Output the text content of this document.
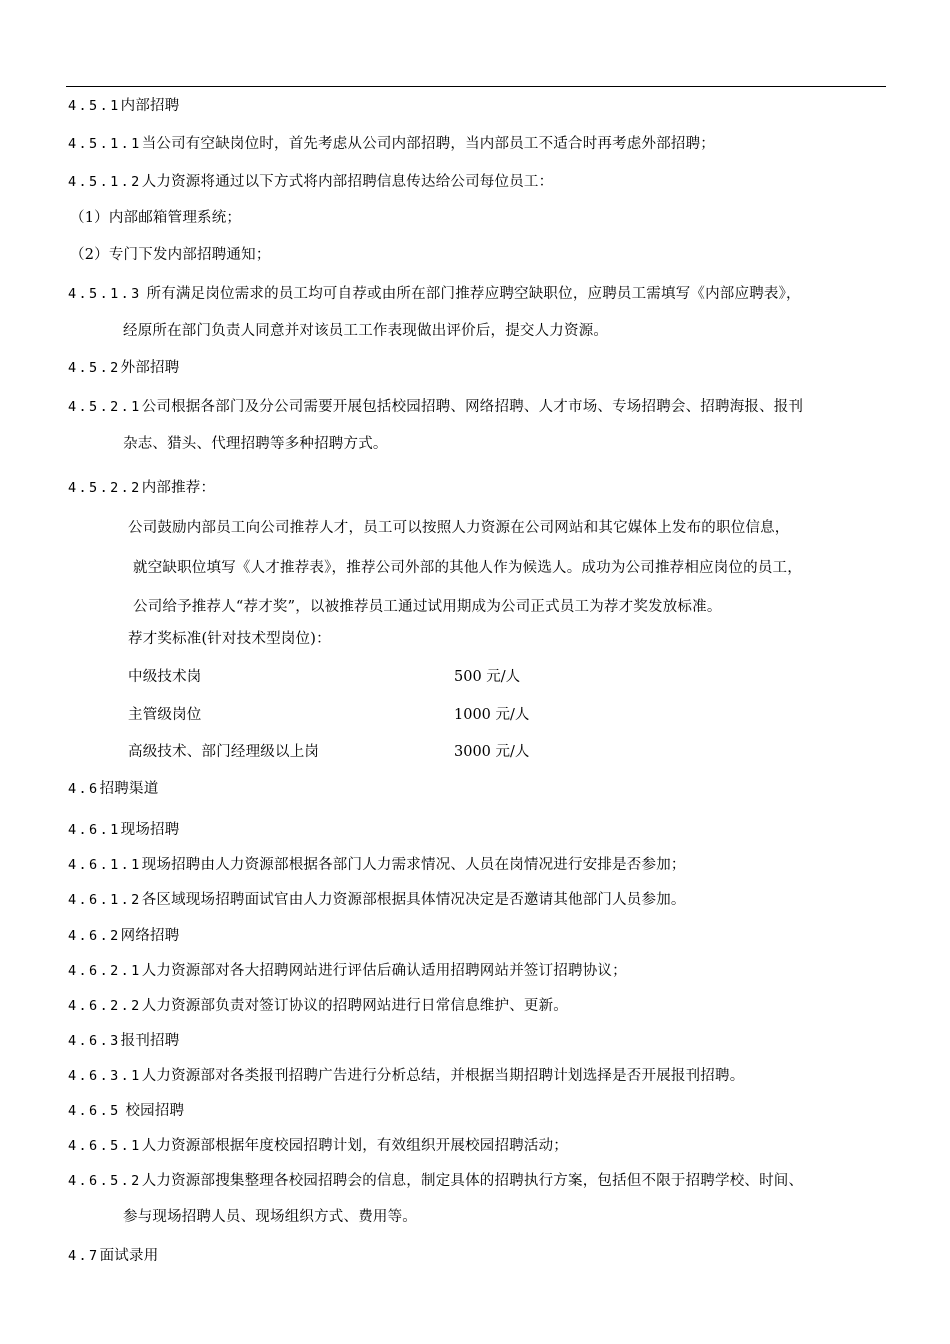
4.5.1内部招聘
4.5.1.1当公司有空缺岗位时，首先考虑从公司内部招聘，当内部员工不适合时再考虑外部招聘；
4.5.1.2人力资源将通过以下方式将内部招聘信息传达给公司每位员工：
（1）内部邮箱管理系统；
（2）专门下发内部招聘通知；
4.5.1.3 所有满足岗位需求的员工均可自荐或由所在部门推荐应聘空缺职位，应聘员工需填写《内部应聘表》，
经原所在部门负责人同意并对该员工工作表现做出评价后，提交人力资源。
4.5.2外部招聘
4.5.2.1公司根据各部门及分公司需要开展包括校园招聘、网络招聘、人才市场、专场招聘会、招聘海报、报刊
杂志、猎头、代理招聘等多种招聘方式。
4.5.2.2内部推荐：
公司鼓励内部员工向公司推荐人才，员工可以按照人力资源在公司网站和其它媒体上发布的职位信息，
就空缺职位填写《人才推荐表》，推荐公司外部的其他人作为候选人。成功为公司推荐相应岗位的员工，
公司给予推荐人“荐才奖”，以被推荐员工通过试用期成为公司正式员工为荐才奖发放标准。
荐才奖标准(针对技术型岗位)：
中级技术岗	500 元/人
主管级岗位	1000 元/人
高级技术、部门经理级以上岗	3000 元/人
4.6招聘渠道
4.6.1现场招聘
4.6.1.1现场招聘由人力资源部根据各部门人力需求情况、人员在岗情况进行安排是否参加；
4.6.1.2各区域现场招聘面试官由人力资源部根据具体情况决定是否邀请其他部门人员参加。
4.6.2网络招聘
4.6.2.1人力资源部对各大招聘网站进行评估后确认适用招聘网站并签订招聘协议；
4.6.2.2人力资源部负责对签订协议的招聘网站进行日常信息维护、更新。
4.6.3报刊招聘
4.6.3.1人力资源部对各类报刊招聘广告进行分析总结，并根据当期招聘计划选择是否开展报刊招聘。
4.6.5 校园招聘
4.6.5.1人力资源部根据年度校园招聘计划，有效组织开展校园招聘活动；
4.6.5.2人力资源部搜集整理各校园招聘会的信息，制定具体的招聘执行方案，包括但不限于招聘学校、时间、
参与现场招聘人员、现场组织方式、费用等。
4.7面试录用
